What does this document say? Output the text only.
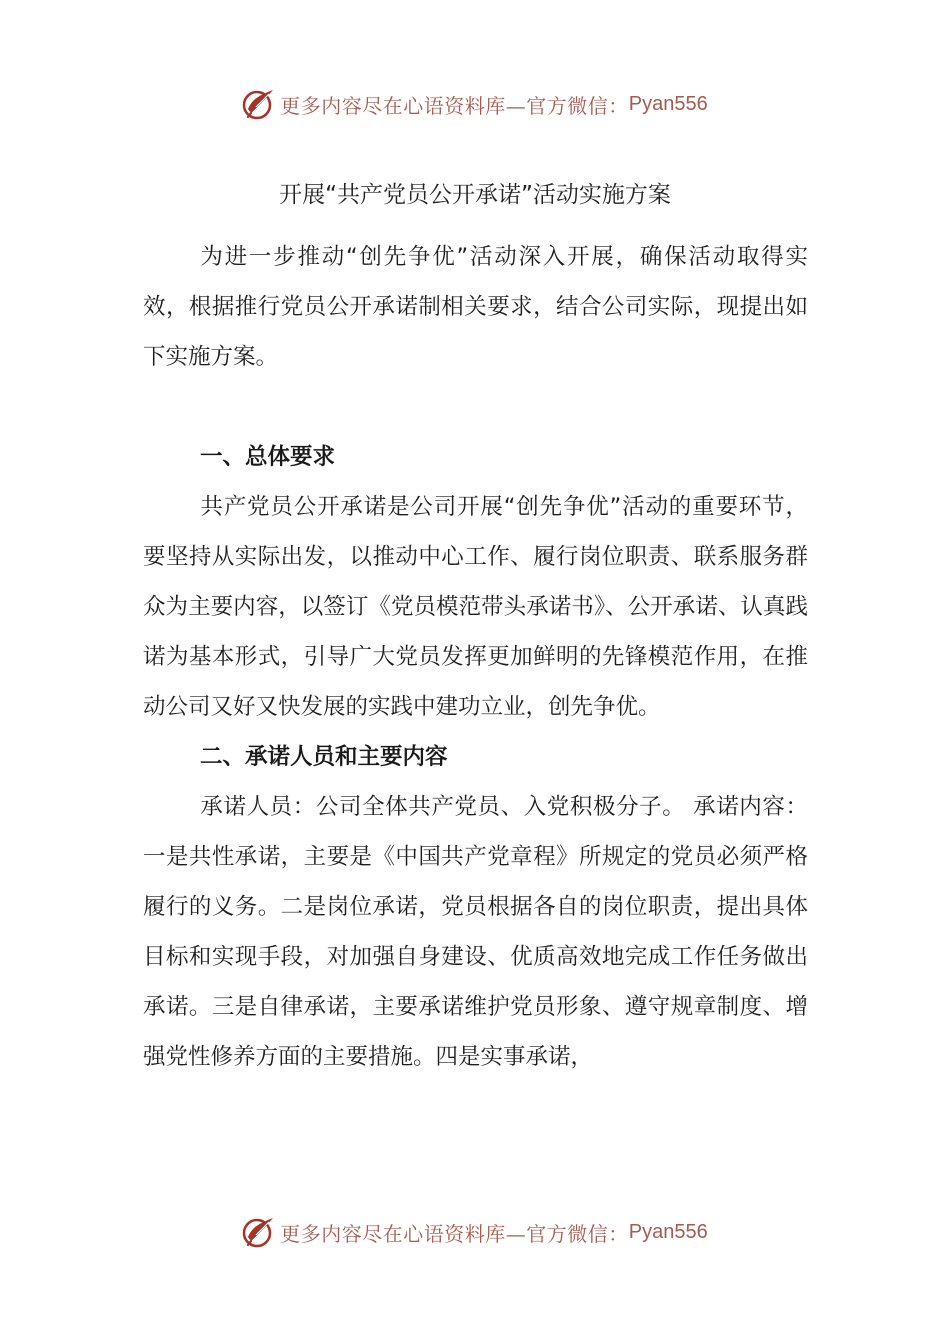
更多内容尽在心语资料库—官方微信： Pyan556
开展“共产党员公开承诺”活动实施方案

为进一步推动“创先争优”活动深入开展，确保活动取得实效，根据推行党员公开承诺制相关要求，结合公司实际，现提出如下实施方案。

一、总体要求

共产党员公开承诺是公司开展“创先争优”活动的重要环节，要坚持从实际出发，以推动中心工作、履行岗位职责、联系服务群众为主要内容，以签订《党员模范带头承诺书》、公开承诺、认真践诺为基本形式，引导广大党员发挥更加鲜明的先锋模范作用，在推动公司又好又快发展的实践中建功立业，创先争优。

二、承诺人员和主要内容

承诺人员：公司全体共产党员、入党积极分子。 承诺内容：一是共性承诺，主要是《中国共产党章程》所规定的党员必须严格履行的义务。二是岗位承诺，党员根据各自的岗位职责，提出具体目标和实现手段，对加强自身建设、优质高效地完成工作任务做出承诺。三是自律承诺，主要承诺维护党员形象、遵守规章制度、增强党性修养方面的主要措施。四是实事承诺，

更多内容尽在心语资料库—官方微信： Pyan556
